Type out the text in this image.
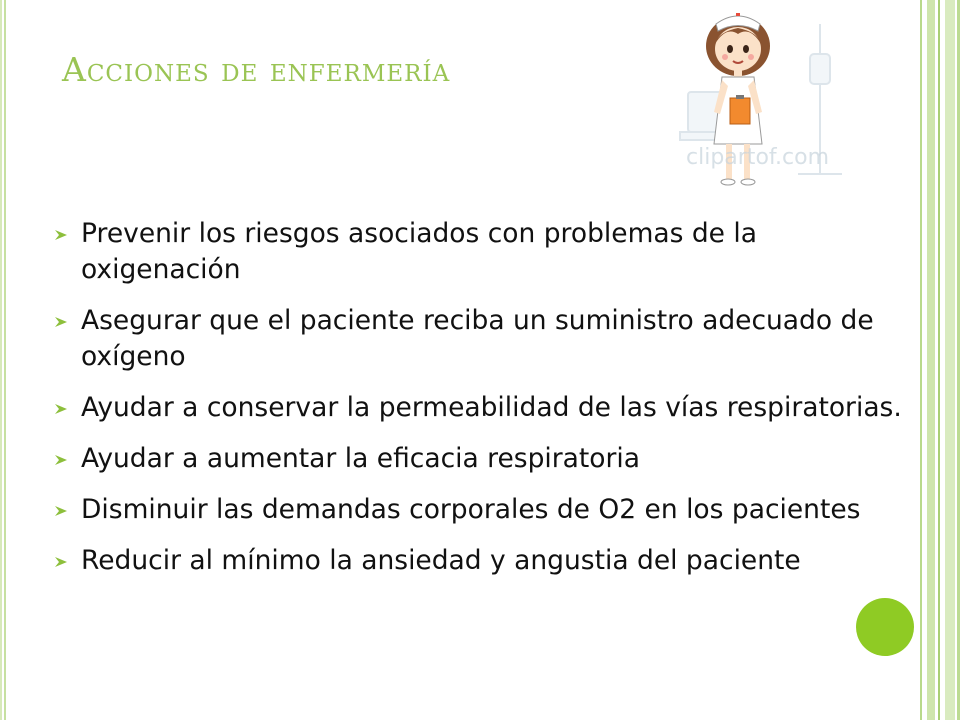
Acciones de enfermería
clipartof.com
Prevenir los riesgos asociados con problemas de la oxigenación
Asegurar que el paciente reciba un suministro adecuado de oxígeno
Ayudar a conservar la permeabilidad de las vías respiratorias.
Ayudar a aumentar la eficacia respiratoria
Disminuir las demandas corporales de O2 en los pacientes
Reducir al mínimo la ansiedad y angustia del paciente
